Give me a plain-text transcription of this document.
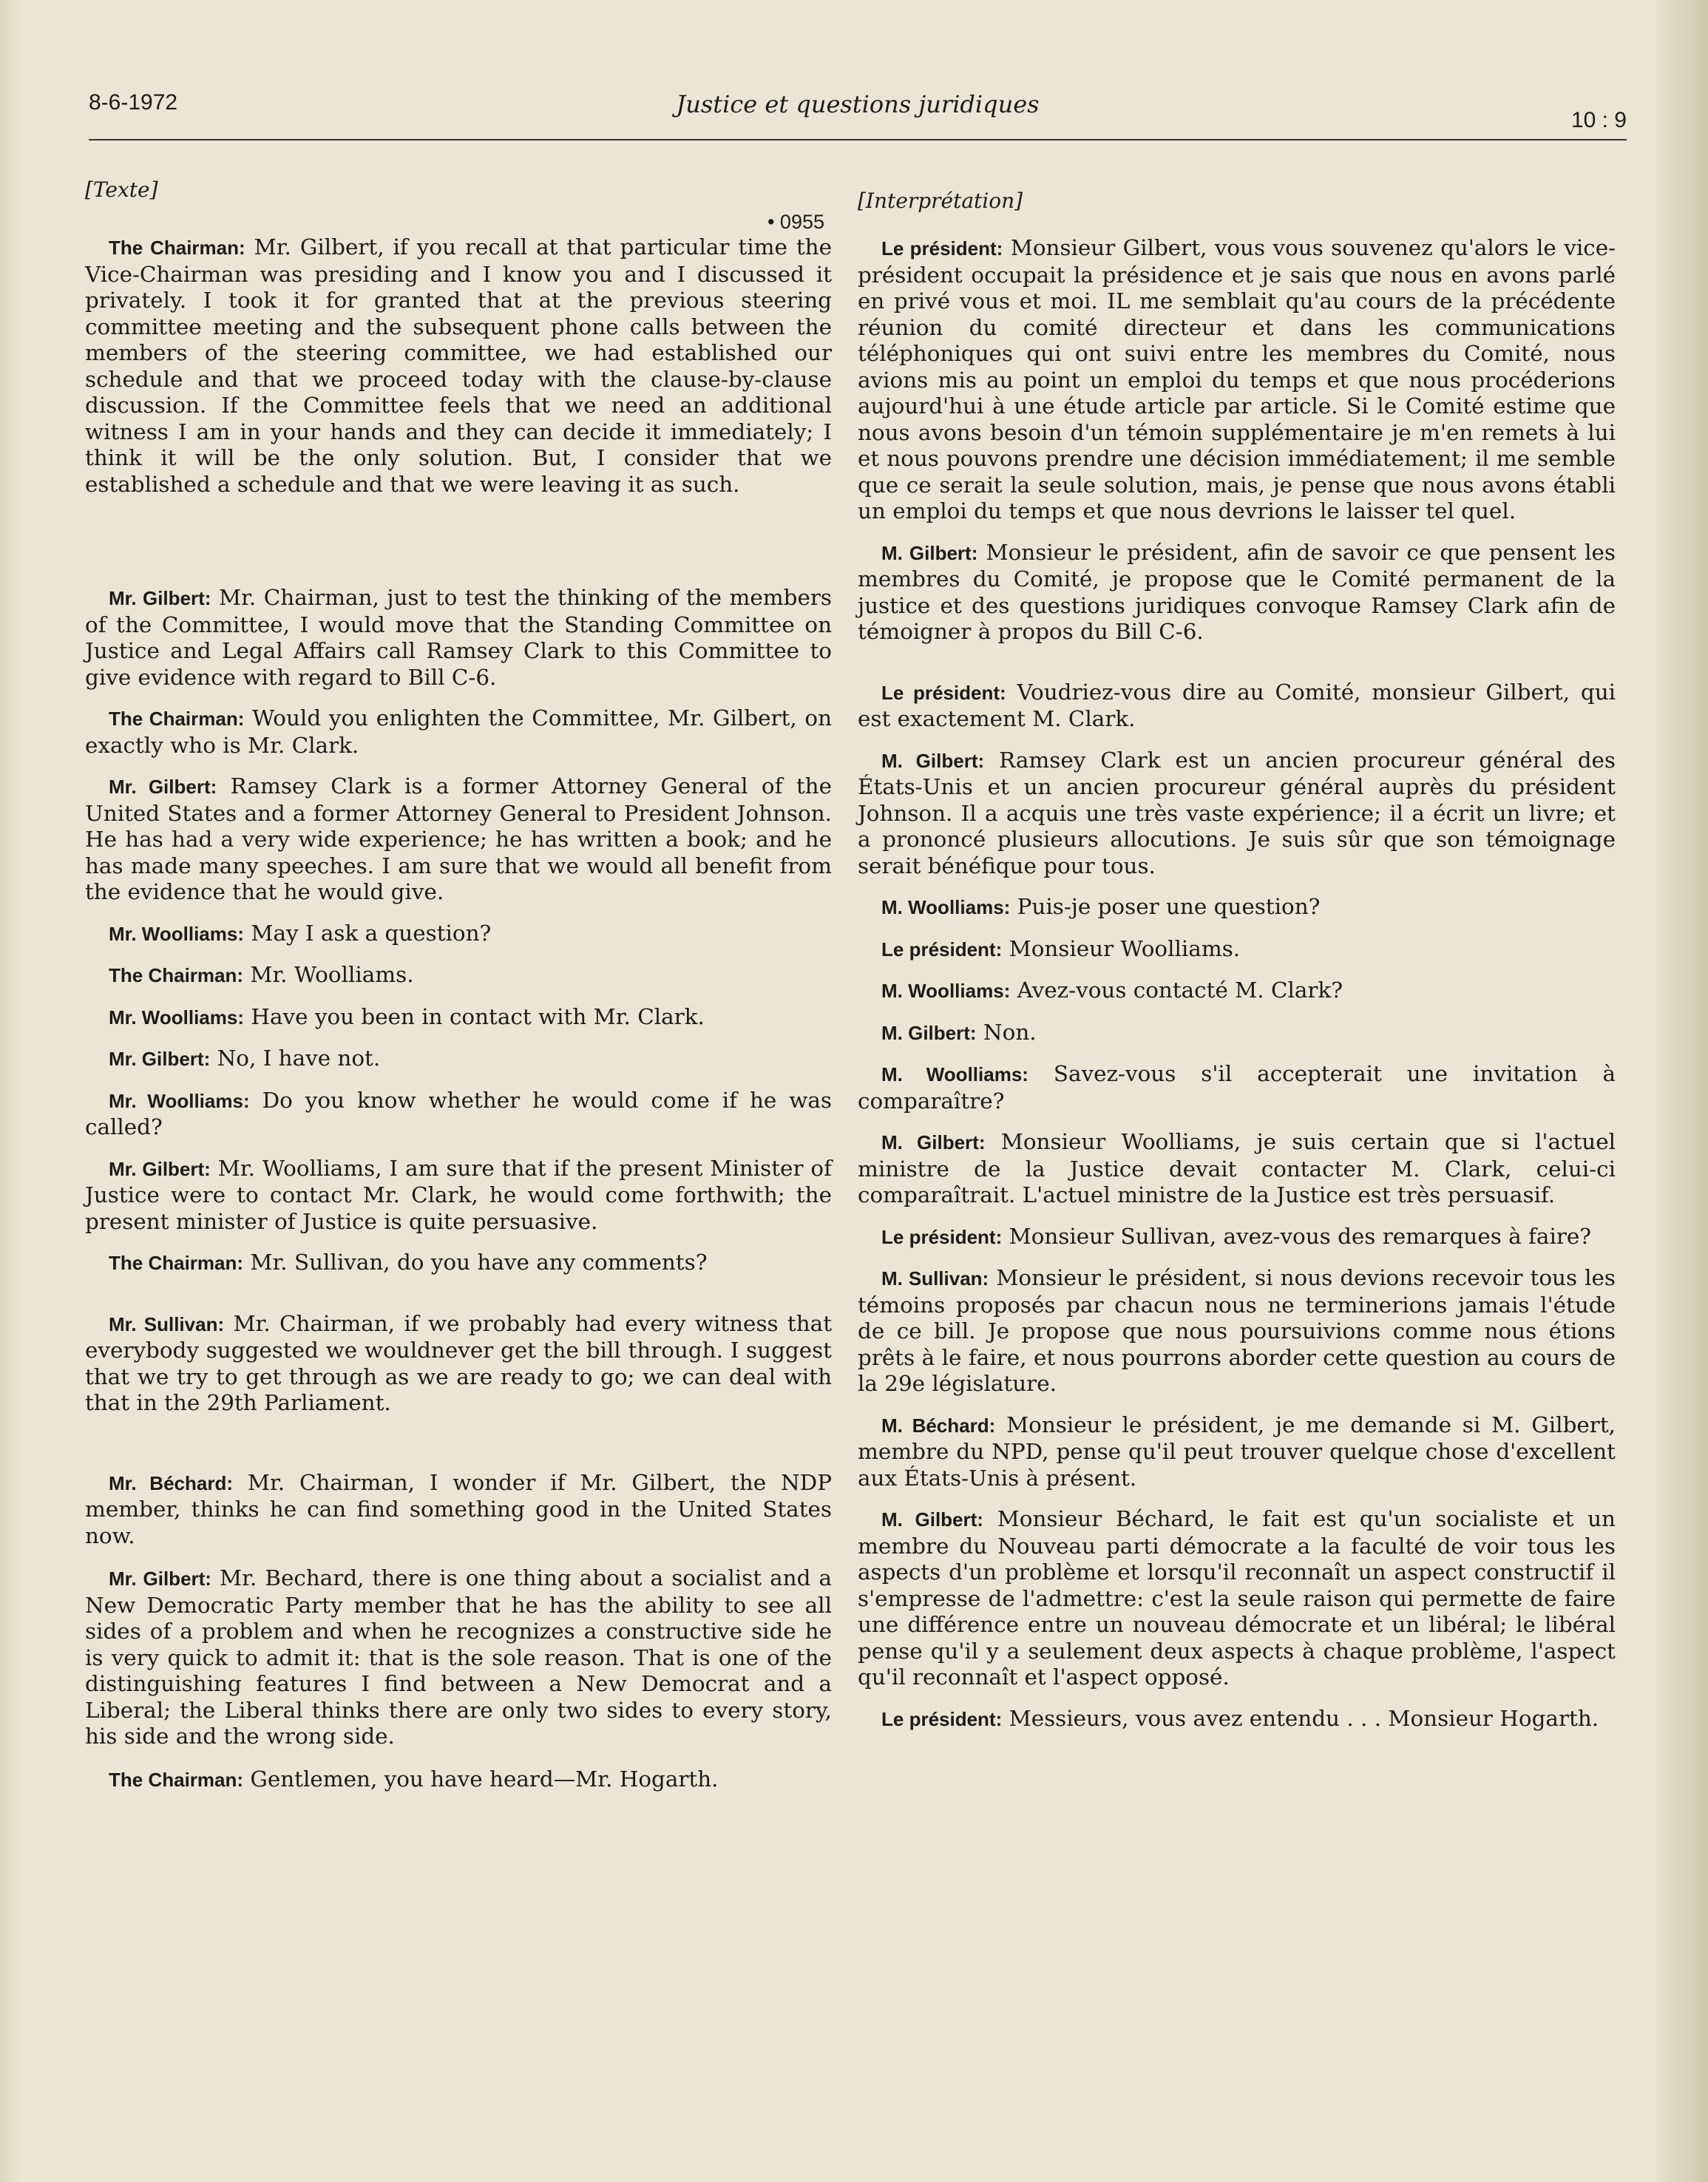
8-6-1972	Justice et questions juridiques
10 : 9
[Texte]
• 0955

The Chairman: Mr. Gilbert, if you recall at that particular time the Vice-Chairman was presiding and I know you and I discussed it privately. I took it for granted that at the previous steering committee meeting and the subsequent phone calls between the members of the steering committee, we had established our schedule and that we proceed today with the clause-by-clause discussion. If the Committee feels that we need an additional witness I am in your hands and they can decide it immediately; I think it will be the only solution. But, I consider that we established a schedule and that we were leaving it as such.

Mr. Gilbert: Mr. Chairman, just to test the thinking of the members of the Committee, I would move that the Standing Committee on Justice and Legal Affairs call Ramsey Clark to this Committee to give evidence with regard to Bill C-6.

The Chairman: Would you enlighten the Committee, Mr. Gilbert, on exactly who is Mr. Clark.

Mr. Gilbert: Ramsey Clark is a former Attorney General of the United States and a former Attorney General to President Johnson. He has had a very wide experience; he has written a book; and he has made many speeches. I am sure that we would all benefit from the evidence that he would give.

Mr. Woolliams: May I ask a question?

The Chairman: Mr. Woolliams.

Mr. Woolliams: Have you been in contact with Mr. Clark.

Mr. Gilbert: No, I have not.

Mr. Woolliams: Do you know whether he would come if he was called?

Mr. Gilbert: Mr. Woolliams, I am sure that if the present Minister of Justice were to contact Mr. Clark, he would come forthwith; the present minister of Justice is quite persuasive.

The Chairman: Mr. Sullivan, do you have any comments?

Mr. Sullivan: Mr. Chairman, if we probably had every witness that everybody suggested we wouldnever get the bill through. I suggest that we try to get through as we are ready to go; we can deal with that in the 29th Parliament.

Mr. Béchard: Mr. Chairman, I wonder if Mr. Gilbert, the NDP member, thinks he can find something good in the United States now.

Mr. Gilbert: Mr. Bechard, there is one thing about a socialist and a New Democratic Party member that he has the ability to see all sides of a problem and when he recognizes a constructive side he is very quick to admit it: that is the sole reason. That is one of the distinguishing features I find between a New Democrat and a Liberal; the Liberal thinks there are only two sides to every story, his side and the wrong side.

The Chairman: Gentlemen, you have heard—Mr. Hogarth.

[Interprétation]

Le président: Monsieur Gilbert, vous vous souvenez qu'alors le vice-président occupait la présidence et je sais que nous en avons parlé en privé vous et moi. IL me semblait qu'au cours de la précédente réunion du comité directeur et dans les communications téléphoniques qui ont suivi entre les membres du Comité, nous avions mis au point un emploi du temps et que nous procéderions aujourd'hui à une étude article par article. Si le Comité estime que nous avons besoin d'un témoin supplémentaire je m'en remets à lui et nous pouvons prendre une décision immédiatement; il me semble que ce serait la seule solution, mais, je pense que nous avons établi un emploi du temps et que nous devrions le laisser tel quel.

M. Gilbert: Monsieur le président, afin de savoir ce que pensent les membres du Comité, je propose que le Comité permanent de la justice et des questions juridiques convoque Ramsey Clark afin de témoigner à propos du Bill C-6.

Le président: Voudriez-vous dire au Comité, monsieur Gilbert, qui est exactement M. Clark.

M. Gilbert: Ramsey Clark est un ancien procureur général des États-Unis et un ancien procureur général auprès du président Johnson. Il a acquis une très vaste expérience; il a écrit un livre; et a prononcé plusieurs allocutions. Je suis sûr que son témoignage serait bénéfique pour tous.

M. Woolliams: Puis-je poser une question?

Le président: Monsieur Woolliams.

M. Woolliams: Avez-vous contacté M. Clark?

M. Gilbert: Non.

M. Woolliams: Savez-vous s'il accepterait une invitation à comparaître?

M. Gilbert: Monsieur Woolliams, je suis certain que si l'actuel ministre de la Justice devait contacter M. Clark, celui-ci comparaîtrait. L'actuel ministre de la Justice est très persuasif.

Le président: Monsieur Sullivan, avez-vous des remarques à faire?

M. Sullivan: Monsieur le président, si nous devions recevoir tous les témoins proposés par chacun nous ne terminerions jamais l'étude de ce bill. Je propose que nous poursuivions comme nous étions prêts à le faire, et nous pourrons aborder cette question au cours de la 29e législature.

M. Béchard: Monsieur le président, je me demande si M. Gilbert, membre du NPD, pense qu'il peut trouver quelque chose d'excellent aux États-Unis à présent.

M. Gilbert: Monsieur Béchard, le fait est qu'un socialiste et un membre du Nouveau parti démocrate a la faculté de voir tous les aspects d'un problème et lorsqu'il reconnaît un aspect constructif il s'empresse de l'admettre: c'est la seule raison qui permette de faire une différence entre un nouveau démocrate et un libéral; le libéral pense qu'il y a seulement deux aspects à chaque problème, l'aspect qu'il reconnaît et l'aspect opposé.

Le président: Messieurs, vous avez entendu . . . Monsieur Hogarth.
